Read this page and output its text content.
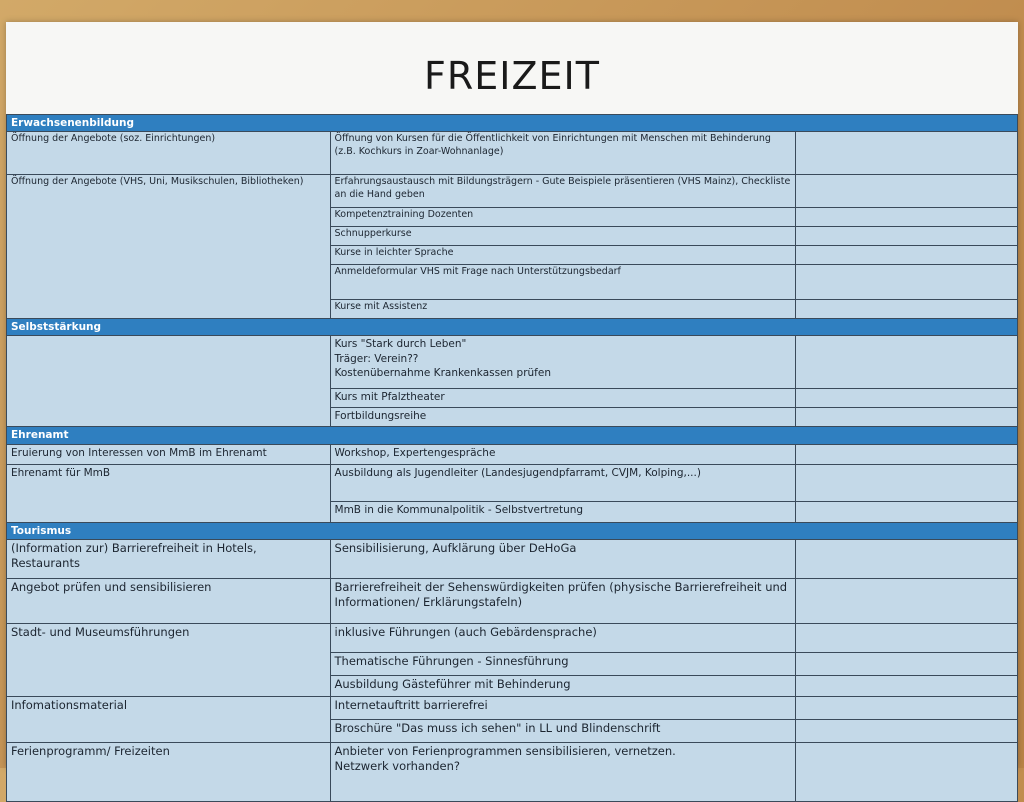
FREIZEIT
Erwachsenenbildung		
Öffnung der Angebote (soz. Einrichtungen)	Öffnung von Kursen für die Öffentlichkeit von Einrichtungen mit Menschen mit Behinderung (z.B. Kochkurs in Zoar-Wohnanlage)	
Öffnung der Angebote (VHS, Uni, Musikschulen, Bibliotheken)	Erfahrungsaustausch mit Bildungsträgern - Gute Beispiele präsentieren (VHS Mainz), Checkliste an die Hand geben	
	Kompetenztraining Dozenten	
	Schnupperkurse	
	Kurse in leichter Sprache	
	Anmeldeformular VHS mit Frage nach Unterstützungsbedarf	
	Kurse mit Assistenz	
Selbststärkung		
	Kurs "Stark durch Leben"
Träger: Verein??
Kostenübernahme Krankenkassen prüfen	
	Kurs mit Pfalztheater	
	Fortbildungsreihe	
Ehrenamt		
Eruierung von Interessen von MmB im Ehrenamt	Workshop, Expertengespräche	
Ehrenamt für MmB	Ausbildung als Jugendleiter (Landesjugendpfarramt, CVJM, Kolping,...)	
	MmB in die Kommunalpolitik - Selbstvertretung	
Tourismus		
(Information zur) Barrierefreiheit in Hotels, Restaurants	Sensibilisierung, Aufklärung über DeHoGa	
Angebot prüfen und sensibilisieren	Barrierefreiheit der Sehenswürdigkeiten prüfen (physische Barrierefreiheit und Informationen/ Erklärungstafeln)	
Stadt- und Museumsführungen	inklusive Führungen (auch Gebärdensprache)	
	Thematische Führungen - Sinnesführung	
	Ausbildung Gästeführer mit Behinderung	
Infomationsmaterial	Internetauftritt barrierefrei	
	Broschüre "Das muss ich sehen" in LL und Blindenschrift	
Ferienprogramm/ Freizeiten	Anbieter von Ferienprogrammen sensibilisieren, vernetzen.
Netzwerk vorhanden?	
